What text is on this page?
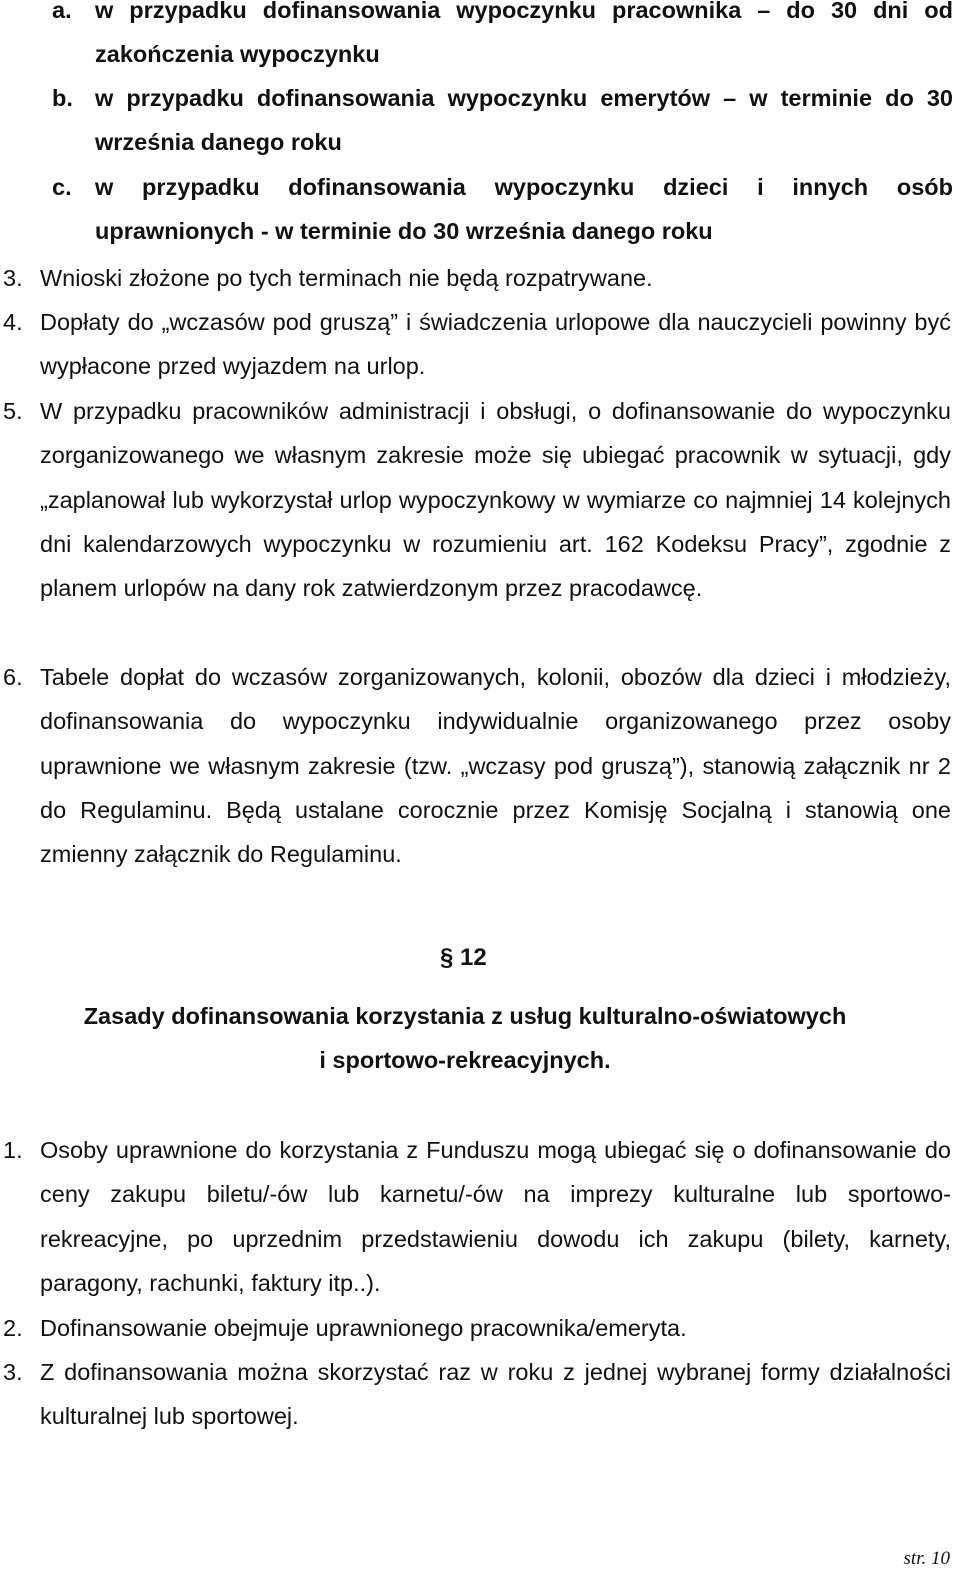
a. w przypadku dofinansowania wypoczynku pracownika – do 30 dni od zakończenia wypoczynku
b. w przypadku dofinansowania wypoczynku emerytów – w terminie do 30 września danego roku
c. w przypadku dofinansowania wypoczynku dzieci i innych osób uprawnionych - w terminie do 30 września danego roku
3. Wnioski złożone po tych terminach nie będą rozpatrywane.
4. Dopłaty do „wczasów pod gruszą” i świadczenia urlopowe dla nauczycieli powinny być wypłacone przed wyjazdem na urlop.
5. W przypadku pracowników administracji i obsługi, o dofinansowanie do wypoczynku zorganizowanego we własnym zakresie może się ubiegać pracownik w sytuacji, gdy „zaplanował lub wykorzystał urlop wypoczynkowy w wymiarze co najmniej 14 kolejnych dni kalendarzowych wypoczynku w rozumieniu art. 162 Kodeksu Pracy”, zgodnie z planem urlopów na dany rok zatwierdzonym przez pracodawcę.
6. Tabele dopłat do wczasów zorganizowanych, kolonii, obozów dla dzieci i młodzieży, dofinansowania do wypoczynku indywidualnie organizowanego przez osoby uprawnione we własnym zakresie (tzw. „wczasy pod gruszą”), stanowią załącznik nr 2 do Regulaminu. Będą ustalane corocznie przez Komisję Socjalną i stanowią one zmienny załącznik do Regulaminu.
§ 12
Zasady dofinansowania korzystania z usług kulturalno-oświatowych
i sportowo-rekreacyjnych.
1. Osoby uprawnione do korzystania z Funduszu mogą ubiegać się o dofinansowanie do ceny zakupu biletu/-ów lub karnetu/-ów na imprezy kulturalne lub sportowo-rekreacyjne, po uprzednim przedstawieniu dowodu ich zakupu (bilety, karnety, paragony, rachunki, faktury itp..).
2. Dofinansowanie obejmuje uprawnionego pracownika/emeryta.
3. Z dofinansowania można skorzystać raz w roku z jednej wybranej formy działalności kulturalnej lub sportowej.
str. 10
